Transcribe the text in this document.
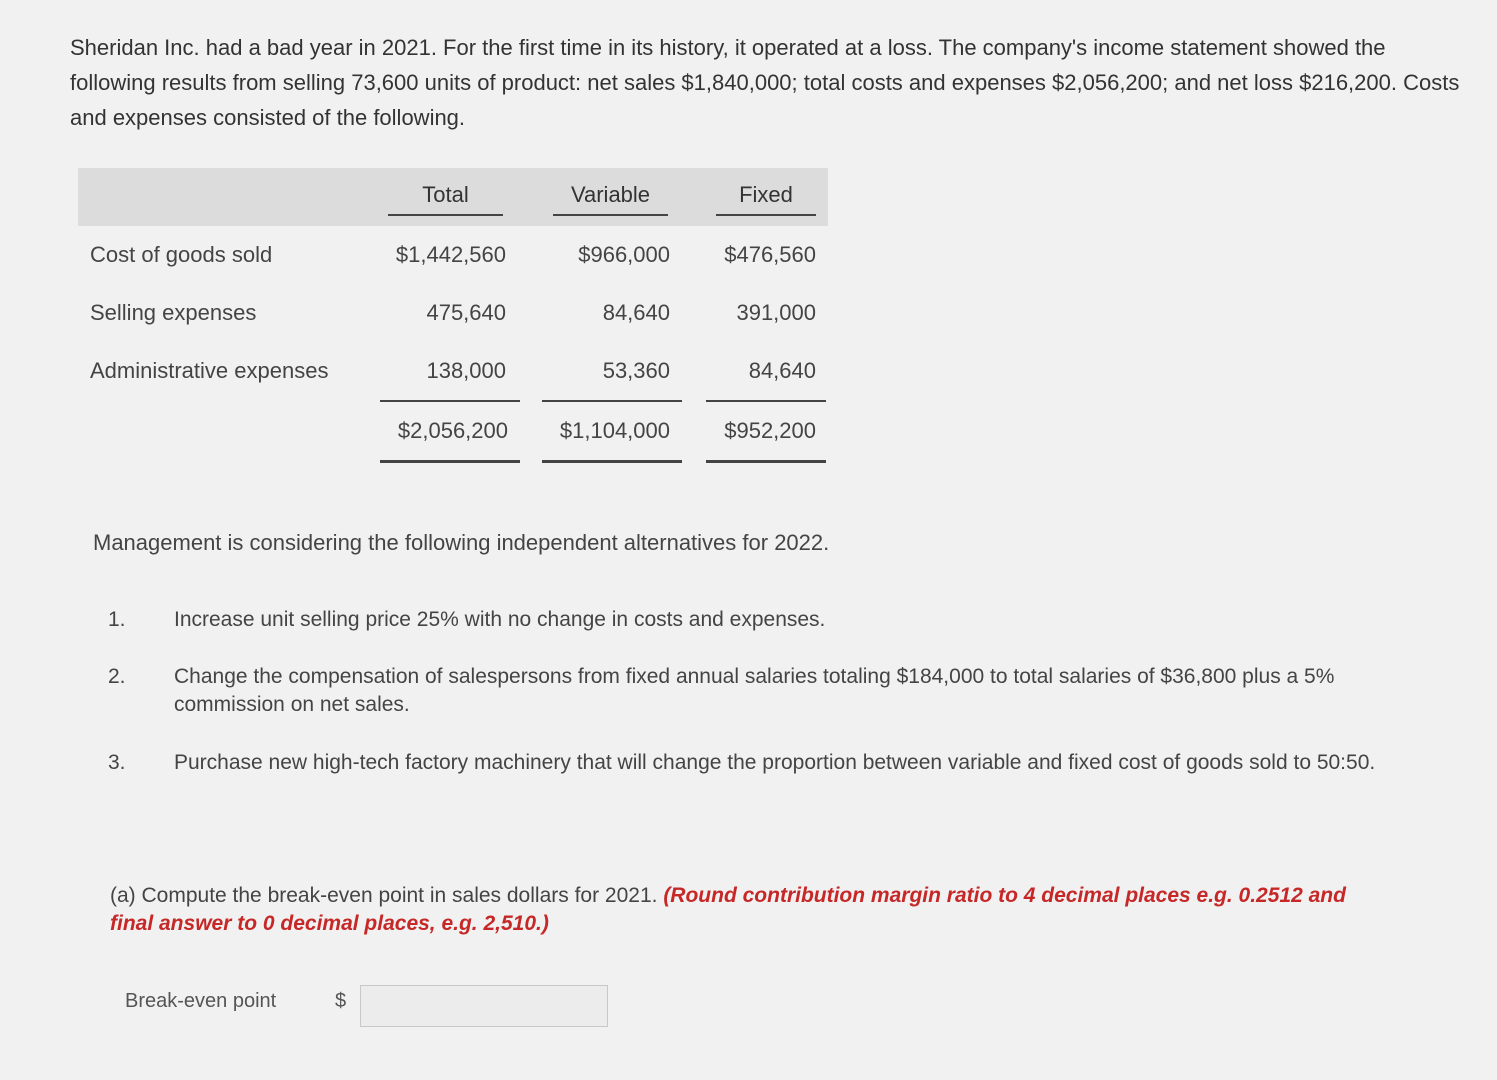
Sheridan Inc. had a bad year in 2021. For the first time in its history, it operated at a loss. The company's income statement showed the following results from selling 73,600 units of product: net sales $1,840,000; total costs and expenses $2,056,200; and net loss $216,200. Costs and expenses consisted of the following.
Total	Variable	Fixed
Cost of goods sold	$1,442,560	$966,000	$476,560
Selling expenses	475,640	84,640	391,000
Administrative expenses	138,000	53,360	84,640
$2,056,200	$1,104,000	$952,200
Management is considering the following independent alternatives for 2022.
1. Increase unit selling price 25% with no change in costs and expenses.
2. Change the compensation of salespersons from fixed annual salaries totaling $184,000 to total salaries of $36,800 plus a 5% commission on net sales.
3. Purchase new high-tech factory machinery that will change the proportion between variable and fixed cost of goods sold to 50:50.
(a) Compute the break-even point in sales dollars for 2021. (Round contribution margin ratio to 4 decimal places e.g. 0.2512 and final answer to 0 decimal places, e.g. 2,510.)
Break-even point	$
